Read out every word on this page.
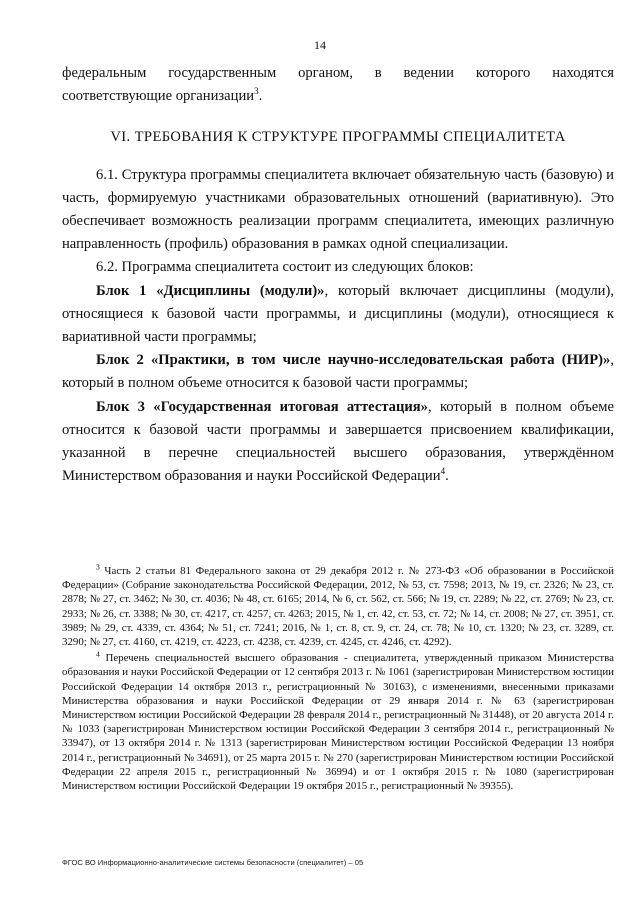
14

федеральным государственным органом, в ведении которого находятся соответствующие организации$^3$.

VI. ТРЕБОВАНИЯ К СТРУКТУРЕ ПРОГРАММЫ СПЕЦИАЛИТЕТА

6.1. Структура программы специалитета включает обязательную часть (базовую) и часть, формируемую участниками образовательных отношений (вариативную). Это обеспечивает возможность реализации программ специалитета, имеющих различную направленность (профиль) образования в рамках одной специализации.

6.2. Программа специалитета состоит из следующих блоков:

Блок 1 «Дисциплины (модули)», который включает дисциплины (модули), относящиеся к базовой части программы, и дисциплины (модули), относящиеся к вариативной части программы;

Блок 2 «Практики, в том числе научно-исследовательская работа (НИР)», который в полном объеме относится к базовой части программы;

Блок 3 «Государственная итоговая аттестация», который в полном объеме относится к базовой части программы и завершается присвоением квалификации, указанной в перечне специальностей высшего образования, утверждённом Министерством образования и науки Российской Федерации$^4$.

$^3$ Часть 2 статьи 81 Федерального закона от 29 декабря 2012 г. № 273-ФЗ «Об образовании в Российской Федерации» (Собрание законодательства Российской Федерации, 2012, № 53, ст. 7598; 2013, № 19, ст. 2326; № 23, ст. 2878; № 27, ст. 3462; № 30, ст. 4036; № 48, ст. 6165; 2014, № 6, ст. 562, ст. 566; № 19, ст. 2289; № 22, ст. 2769; № 23, ст. 2933; № 26, ст. 3388; № 30, ст. 4217, ст. 4257, ст. 4263; 2015, № 1, ст. 42, ст. 53, ст. 72; № 14, ст. 2008; № 27, ст. 3951, ст. 3989; № 29, ст. 4339, ст. 4364; № 51, ст. 7241; 2016, № 1, ст. 8, ст. 9, ст. 24, ст. 78; № 10, ст. 1320; № 23, ст. 3289, ст. 3290; № 27, ст. 4160, ст. 4219, ст. 4223, ст. 4238, ст. 4239, ст. 4245, ст. 4246, ст. 4292).

$^4$ Перечень специальностей высшего образования - специалитета, утвержденный приказом Министерства образования и науки Российской Федерации от 12 сентября 2013 г. № 1061 (зарегистрирован Министерством юстиции Российской Федерации 14 октября 2013 г., регистрационный № 30163), с изменениями, внесенными приказами Министерства образования и науки Российской Федерации от 29 января 2014 г. № 63 (зарегистрирован Министерством юстиции Российской Федерации 28 февраля 2014 г., регистрационный № 31448), от 20 августа 2014 г. № 1033 (зарегистрирован Министерством юстиции Российской Федерации 3 сентября 2014 г., регистрационный № 33947), от 13 октября 2014 г. № 1313 (зарегистрирован Министерством юстиции Российской Федерации 13 ноября 2014 г., регистрационный № 34691), от 25 марта 2015 г. № 270 (зарегистрирован Министерством юстиции Российской Федерации 22 апреля 2015 г., регистрационный № 36994) и от 1 октября 2015 г. № 1080 (зарегистрирован Министерством юстиции Российской Федерации 19 октября 2015 г., регистрационный № 39355).

ФГОС ВО Информационно-аналитические системы безопасности (специалитет) – 05
